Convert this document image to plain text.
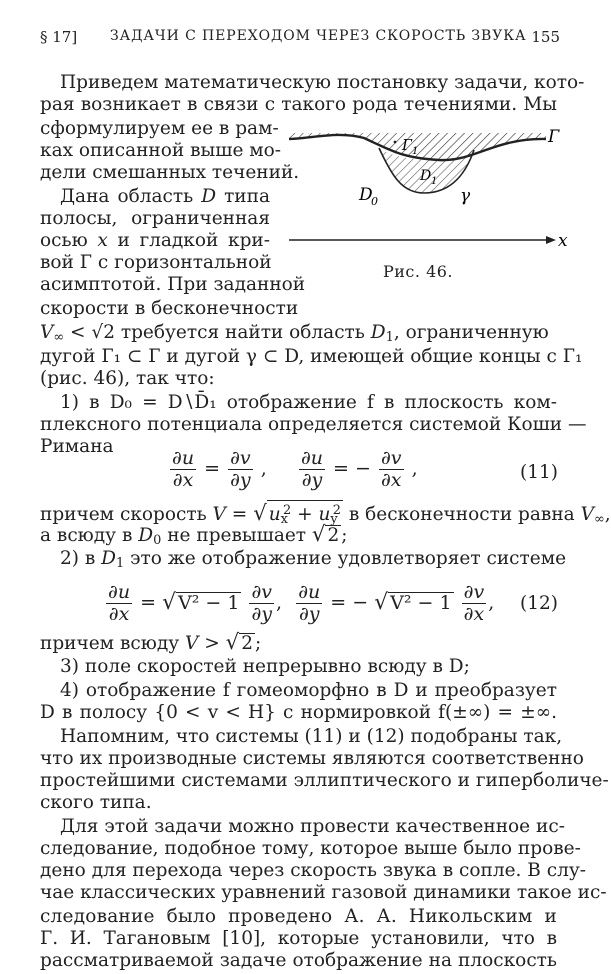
§ 17] ЗАДАЧИ С ПЕРЕХОДОМ ЧЕРЕЗ СКОРОСТЬ ЗВУКА 155
Г
Г 1
D 1
D
0	γ
x
Рис. 46.
Приведем математическую постановку задачи, кото-
рая возникает в связи с такого рода течениями. Мы
сформулируем ее в рам-
ках описанной выше мо-
дели смешанных течений.
Дана область D типа
полосы, ограниченная
осью x и гладкой кри-
вой Г с горизонтальной
асимптотой. При заданной
скорости в бесконечности
$V_\infty < √2$ требуется найти область $D_1$, ограниченную
дугой Г₁ ⊂ Г и дугой γ ⊂ D, имеющей общие концы с Г₁
(рис. 46), так что:
1) в D₀ = D∖D̄₁ отображение f в плоскость ком-
плексного потенциала определяется системой Коши —
Римана
$\frac{\partial u}{\partial x} = \frac{\partial v}{\partial y}$ , $\frac{\partial u}{\partial y}$ = − $\frac{\partial v}{\partial x}$ ,	(11)
причем скорость V = √ $u_x^2 + u_y^2$ в бесконечности равна $V_\infty$,
а всюду в $D_0$ не превышает √ 2 ;
2) в $D_1$ это же отображение удовлетворяет системе
$\frac{\partial u}{\partial x}$ = √ $V^2 - 1 \frac{\partial v}{\partial y}$ , $\frac{\partial u}{\partial y}$ = − √ $V^2 - 1 \frac{\partial v}{\partial x}$ , (12)
причем всюду V > √ 2 ;
3) поле скоростей непрерывно всюду в D;
4) отображение f гомеоморфно в D и преобразует
D в полосу {0 < v < H} с нормировкой f(±∞) = ±∞.
Напомним, что системы (11) и (12) подобраны так,
что их производные системы являются соответственно
простейшими системами эллиптического и гиперболиче-
ского типа.
Для этой задачи можно провести качественное ис-
следование, подобное тому, которое выше было прове-
дено для перехода через скорость звука в сопле. В слу-
чае классических уравнений газовой динамики такое ис-
следование было проведено А. А. Никольским и
Г. И. Тагановым [10], которые установили, что в
рассматриваемой задаче отображение на плоскость
